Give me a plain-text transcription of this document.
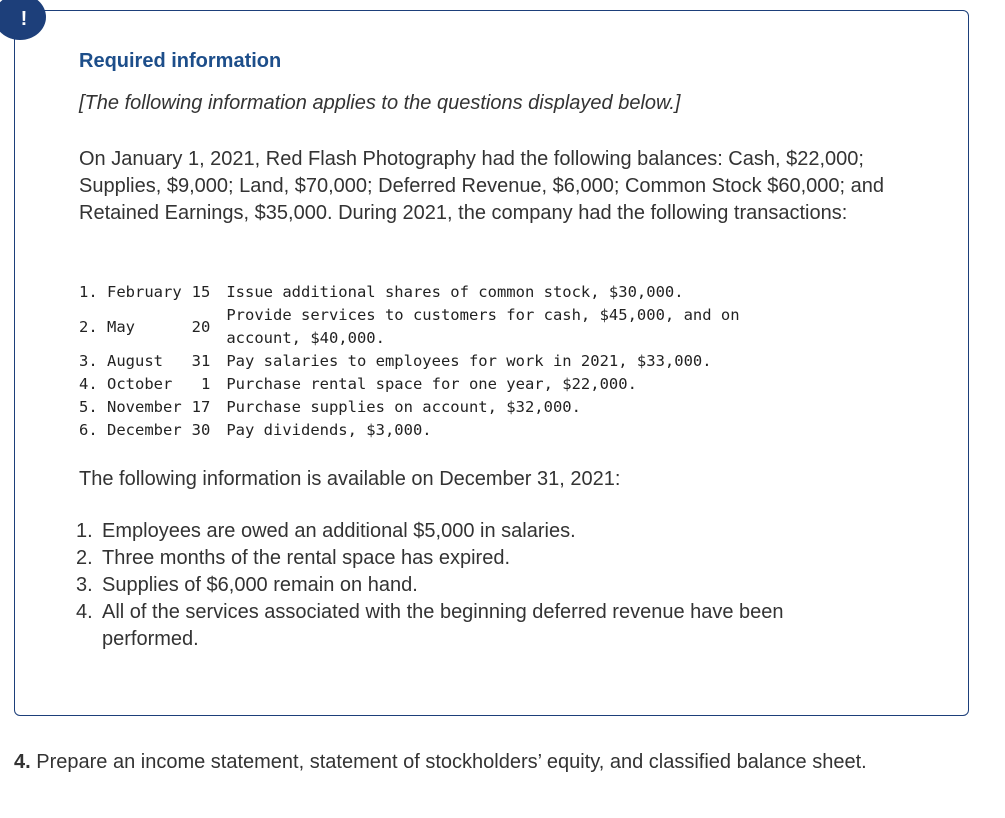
!
Required information
[The following information applies to the questions displayed below.]

On January 1, 2021, Red Flash Photography had the following balances: Cash, $22,000; Supplies, $9,000; Land, $70,000; Deferred Revenue, $6,000; Common Stock $60,000; and Retained Earnings, $35,000. During 2021, the company had the following transactions:

1. February	15	Issue additional shares of common stock, $30,000.
2. May	20	Provide services to customers for cash, $45,000, and on
account, $40,000.
3. August	31	Pay salaries to employees for work in 2021, $33,000.
4. October	1	Purchase rental space for one year, $22,000.
5. November	17	Purchase supplies on account, $32,000.
6. December	30	Pay dividends, $3,000.
The following information is available on December 31, 2021:
1. Employees are owed an additional $5,000 in salaries.
2. Three months of the rental space has expired.
3. Supplies of $6,000 remain on hand.
4. All of the services associated with the beginning deferred revenue have been performed.
4. Prepare an income statement, statement of stockholders’ equity, and classified balance sheet.
